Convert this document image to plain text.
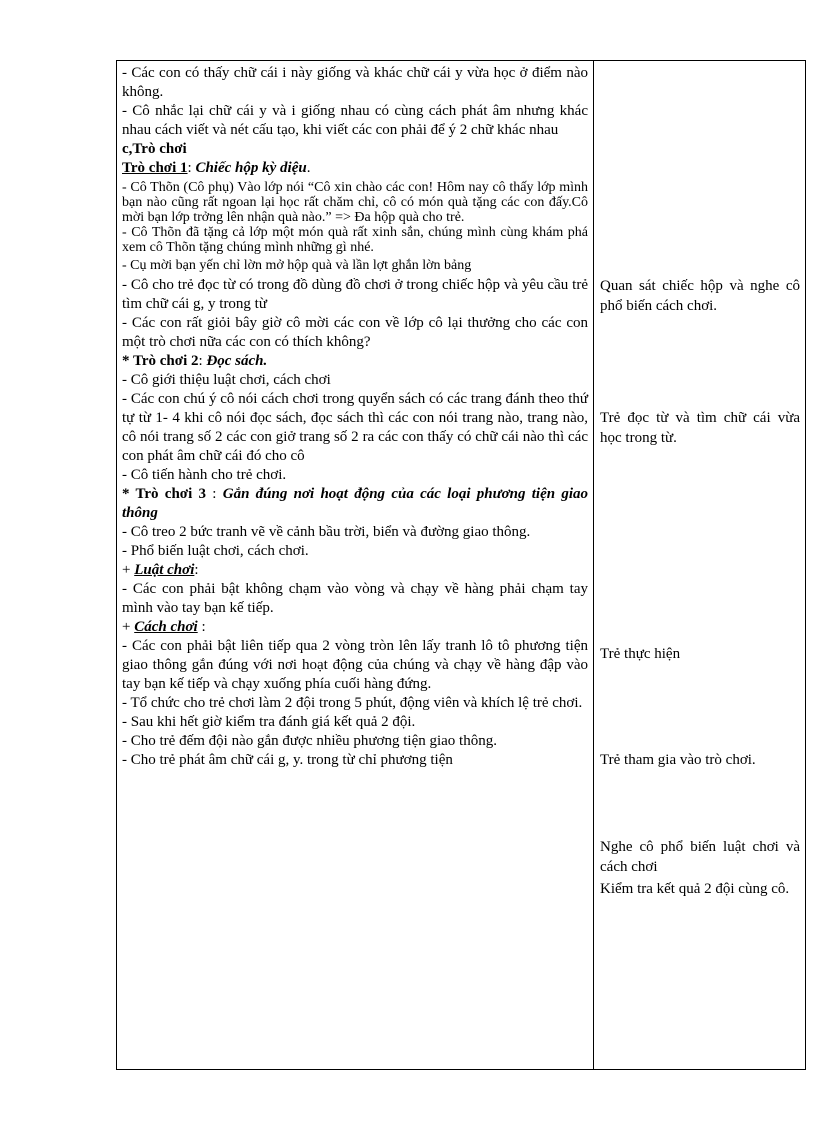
- Các con có thấy chữ cái i này giống và khác chữ cái y vừa học ở điểm nào không.

- Cô nhắc lại chữ cái y và i giống nhau có cùng cách phát âm nhưng khác nhau cách viết và nét cấu tạo, khi viết các con phải để ý 2 chữ khác nhau

c,Trò chơi

Trò chơi 1: Chiếc hộp kỳ diệu.

- Cô Thõn (Cô phụ) Vào lớp nói “Cô xin chào các con! Hôm nay cô thấy lớp mình bạn nào cũng rất ngoan lại học rất chăm chỉ, cô có món quà tặng các con đấy.Cô mời bạn lớp trởng lên nhận quà nào.” => Đa hộp quà cho trẻ.

- Cô Thõn đã tặng cả lớp một món quà rất xinh sắn, chúng mình cùng khám phá xem cô Thõn tặng chúng mình những gì nhé.

- Cụ mời bạn yến chỉ lờn mở hộp quà và lần lợt ghắn lờn bảng

- Cô cho trẻ đọc từ có trong đồ dùng đồ chơi ở trong chiếc hộp và yêu cầu trẻ tìm chữ cái g, y trong từ

- Các con rất giỏi bây giờ cô mời các con về lớp cô lại thưởng cho các con một trò chơi nữa các con có thích không?

* Trò chơi 2: Đọc sách.

- Cô giới thiệu luật chơi, cách chơi

- Các con chú ý cô nói cách chơi trong quyển sách có các trang đánh theo thứ tự từ 1- 4 khi cô nói đọc sách, đọc sách thì các con nói trang nào, trang nào, cô nói trang số 2 các con giở trang số 2 ra các con thấy có chữ cái nào thì các con phát âm chữ cái đó cho cô

- Cô tiến hành cho trẻ chơi.

* Trò chơi 3 : Gắn đúng nơi hoạt động của các loại phương tiện giao thông

- Cô treo 2 bức tranh vẽ về cảnh bầu trời, biển và đường giao thông.

- Phổ biến luật chơi, cách chơi.

+ Luật chơi:

- Các con phải bật không chạm vào vòng và chạy về hàng phải chạm tay mình vào tay bạn kế tiếp.

+ Cách chơi :

- Các con phải bật liên tiếp qua 2 vòng tròn lên lấy tranh lô tô phương tiện giao thông gắn đúng với nơi hoạt động của chúng và chạy về hàng đập vào tay bạn kế tiếp và chạy xuống phía cuối hàng đứng.

- Tổ chức cho trẻ chơi làm 2 đội trong 5 phút, động viên và khích lệ trẻ chơi.

- Sau khi hết giờ kiểm tra đánh giá kết quả 2 đội.

- Cho trẻ đếm đội nào gắn được nhiều phương tiện giao thông.

- Cho trẻ phát âm chữ cái g, y. trong từ chỉ phương tiện

Quan sát chiếc hộp và nghe cô phổ biến cách chơi.
Trẻ đọc từ và tìm chữ cái vừa học trong từ.
Trẻ thực hiện
Trẻ tham gia vào trò chơi.
Nghe cô phổ biến luật chơi và cách chơi
Kiểm tra kết quả 2 đội cùng cô.
